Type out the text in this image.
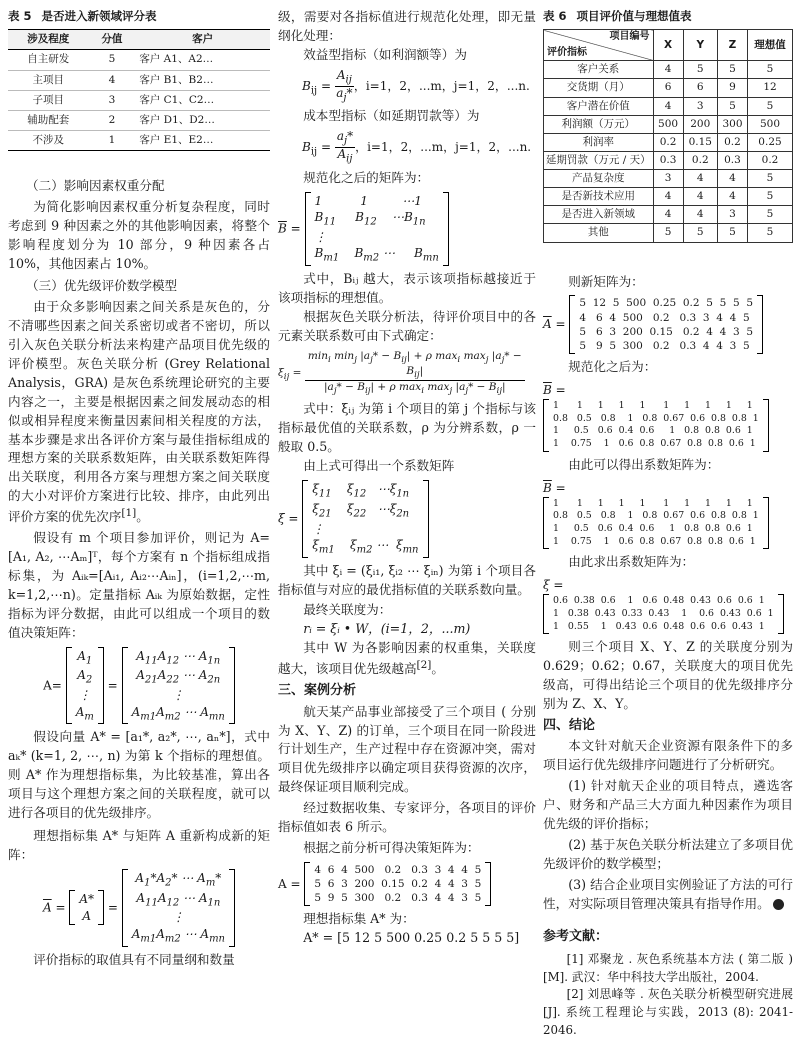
表 5 是否进入新领域评分表
涉及程度	分值	客户
自主研发	5	客户 A1、A2…
主项目	4	客户 B1、B2…
子项目	3	客户 C1、C2…
辅助配套	2	客户 D1、D2…
不涉及	1	客户 E1、E2…
（二）影响因素权重分配

为简化影响因素权重分析复杂程度，同时考虑到 9 种因素之外的其他影响因素，将整个影响程度划分为 10 部分，9 种因素各占 10%，其他因素占 10%。

（三）优先级评价数学模型

由于众多影响因素之间关系是灰色的，分不清哪些因素之间关系密切或者不密切，所以引入灰色关联分析法来构建产品项目优先级的评价模型。灰色关联分析 (Grey Relational Analysis，GRA) 是灰色系统理论研究的主要内容之一，主要是根据因素之间发展动态的相似或相异程度来衡量因素间相关程度的方法，基本步骤是求出各评价方案与最佳指标组成的理想方案的关联系数矩阵，由关联系数矩阵得出关联度，利用各方案与理想方案之间关联度的大小对评价方案进行比较、排序，由此列出评价方案的优先次序[1]。

假设有 m 个项目参加评价，则记为 A=[A₁, A₂, ⋯Aₘ]ᵀ，每个方案有 n 个指标组成指标集，为 Aᵢₖ=[Aᵢ₁, Aᵢ₂⋯Aᵢₙ]，(i=1,2,⋯m, k=1,2,⋯n)。定量指标 Aᵢₖ 为原始数据，定性指标为评分数据，由此可以组成一个项目的数值决策矩阵：

A=
$A_1$
$A_2$
⋮
$A_m$
=
$A_{11}A_{12}$ ⋯ $A_{1n}$
$A_{21}A_{22}$ ⋯ $A_{2n}$
⋮
$A_{m1}A_{m2}$ ⋯ $A_{mn}$

假设向量 A* = [a₁*, a₂*, ⋯, aₙ*]，式中 aₖ* (k=1, 2, ⋯, n) 为第 k 个指标的理想值。则 A* 作为理想指标集，为比较基准，算出各项目与这个理想方案之间的关联程度，就可以进行各项目的优先级排序。

理想指标集 A* 与矩阵 A 重新构成新的矩阵：

$\overline{A}$ =
A*
A
=
$A_1*A_2*$ ⋯ $A_m*$
$A_{11}A_{12}$ ⋯ $A_{1n}$
⋮
$A_{m1}A_{m2}$ ⋯ $A_{mn}$

评价指标的取值具有不同量纲和数量

级，需要对各指标值进行规范化处理，即无量纲化处理：

效益型指标（如利润额等）为

$B_{ij}$ =
$A_{ij}$
$a_j*$ ，i=1，2，...m，j=1，2，...n.

成本型指标（如延期罚款等）为

$B_{ij}$ =
$a_j*$
$A_{ij}$
，i=1，2，...m，j=1，2，...n.

规范化之后的矩阵为：

$\overline{B}$ =
1          1         ⋯1
$B_{11}$     $B_{12}$    $\cdots B_{1n}$
⋮
$B_{m1}$    $B_{m2}$ ⋯     $B_{mn}$

式中，Bᵢⱼ 越大，表示该项指标越接近于该项指标的理想值。

根据灰色关联分析法，待评价项目中的各元素关联系数可由下式确定：

$\xi_{ij}$ =
$\min_i \min_j |a_j* - B_{ij}| + \rho$ $\max_i \max_j |a_j* - B_{ij}|$
$|a_j* - B_{ij}| + \rho$ $\max_i \max_j |a_j* - B_{ij}|$

式中：ξᵢⱼ 为第 i 个项目的第 j 个指标与该指标最优值的关联系数，ρ 为分辨系数，ρ 一般取 0.5。

由上式可得出一个系数矩阵

ξ =
$\xi_{11}$    $\xi_{12}$   $\cdots\xi_{1n}$
$\xi_{21}$    $\xi_{22}$   $\cdots\xi_{2n}$
⋮
$\xi_{m1}$    $\xi_{m2}$ ⋯  $\xi_{mn}$

其中 ξᵢ = (ξᵢ₁, ξᵢ₂ ⋯ ξᵢₙ) 为第 i 个项目各指标值与对应的最优指标值的关联系数向量。

最终关联度为：

rᵢ = ξᵢ • W，(i=1，2，...m)

其中 W 为各影响因素的权重集，关联度越大，该项目优先级越高[2]。

三、案例分析

航天某产品事业部接受了三个项目 ( 分别为 X、Y、Z) 的订单，三个项目在同一阶段进行计划生产，生产过程中存在资源冲突，需对项目优先级排序以确定项目获得资源的次序，最终保证项目顺利完成。

经过数据收集、专家评分，各项目的评价指标值如表 6 所示。

根据之前分析可得决策矩阵为：

A =
4  6  4  500   0.2   0.3  3  4  4  5
5  6  3  200  0.15  0.2  4  4  3  5
5  9  5  300   0.2   0.3  4  4  3  5

理想指标集 A* 为：

A* = [5 12 5 500 0.25 0.2 5 5 5 5]

表 6 项目评价值与理想值表
项目编号
评价指标	X	Y	Z	理想值
客户关系	4	5	5	5
交货期（月）	6	6	9	12
客户潜在价值	4	3	5	5
利润额（万元）	500	200	300	500
利润率	0.2	0.15	0.2	0.25
延期罚款（万元 / 天）	0.3	0.2	0.3	0.2
产品复杂度	3	4	4	5
是否新技术应用	4	4	4	5
是否进入新领域	4	4	3	5
其他	5	5	5	5

则新矩阵为：

$\overline{A}$ =
5  12  5  500  0.25  0.2  5  5  5  5
4   6  4  500   0.2   0.3  3  4  4  5
5   6  3  200  0.15   0.2  4  4  3  5
5   9  5  300   0.2   0.3  4  4  3  5

规范化之后为：

$\overline{B}$ =
1      1     1     1     1      1     1     1     1     1
0.8   0.5   0.8    1   0.8  0.67  0.6  0.8  0.8  1
1     0.5   0.6  0.4  0.6     1   0.8  0.8  0.6  1
1    0.75    1   0.6  0.8  0.67  0.8  0.8  0.6  1

由此可以得出系数矩阵为：

$\overline{B}$ =
1      1     1     1     1      1     1     1     1     1
0.8   0.5   0.8    1   0.8  0.67  0.6  0.8  0.8  1
1     0.5   0.6  0.4  0.6     1   0.8  0.8  0.6  1
1    0.75    1   0.6  0.8  0.67  0.8  0.8  0.6  1

由此求出系数矩阵为：

ξ =
0.6  0.38  0.6    1   0.6  0.48  0.43  0.6  0.6  1
1   0.38  0.43  0.33  0.43    1    0.6  0.43  0.6  1
1   0.55    1   0.43  0.6  0.48  0.6  0.6  0.43  1

则三个项目 X、Y、Z 的关联度分别为 0.629；0.62；0.67，关联度大的项目优先级高，可得出结论三个项目的优先级排序分别为 Z、X、Y。

四、结论

本文针对航天企业资源有限条件下的多项目运行优先级排序问题进行了分析研究。

(1) 针对航天企业的项目特点，遴选客户、财务和产品三大方面九种因素作为项目优先级的评价指标；

(2) 基于灰色关联分析法建立了多项目优先级评价的数学模型；

(3) 结合企业项目实例验证了方法的可行性，对实际项目管理决策具有指导作用。

参考文献：

[1] 邓聚龙 . 灰色系统基本方法 ( 第二版 )[M]. 武汉：华中科技大学出版社，2004.

[2] 刘思峰等 . 灰色关联分析模型研究进展 [J]. 系统工程理论与实践，2013 (8): 2041-2046.
